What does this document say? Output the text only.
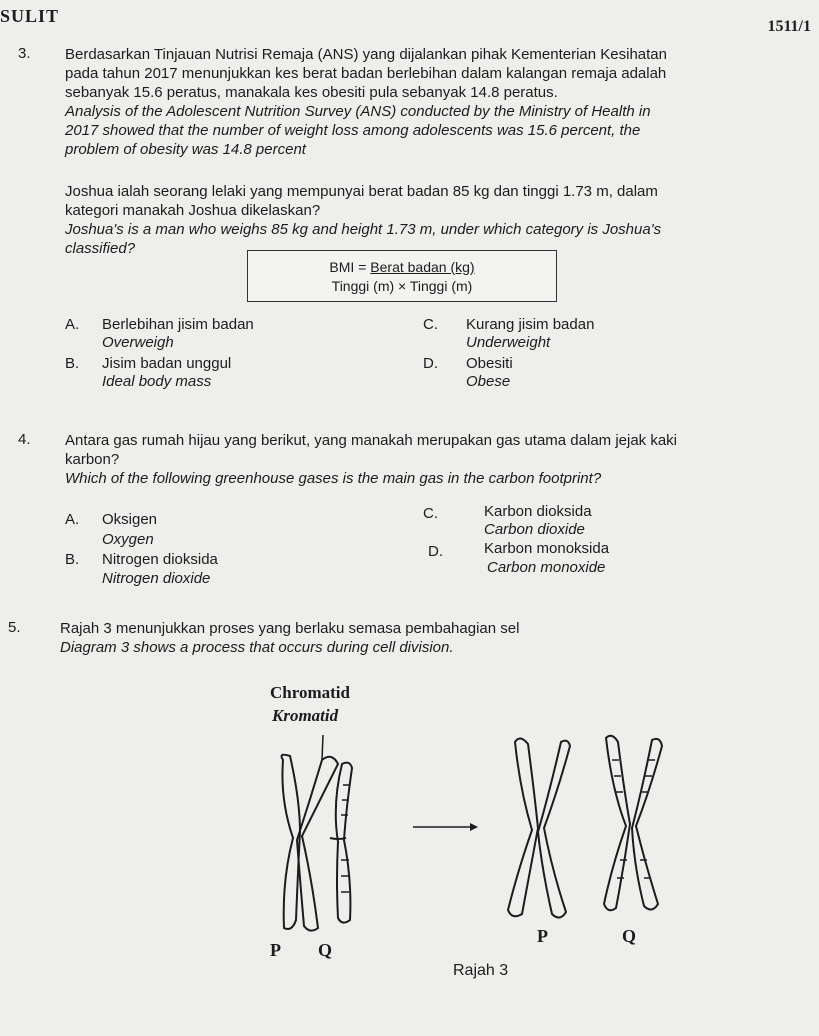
SULIT
1511/1
3. Berdasarkan Tinjauan Nutrisi Remaja (ANS) yang dijalankan pihak Kementerian Kesihatan
pada tahun 2017 menunjukkan kes berat badan berlebihan dalam kalangan remaja adalah
sebanyak 15.6 peratus, manakala kes obesiti pula sebanyak 14.8 peratus.
Analysis of the Adolescent Nutrition Survey (ANS) conducted by the Ministry of Health in
2017 showed that the number of weight loss among adolescents was 15.6 percent, the
problem of obesity was 14.8 percent
Joshua ialah seorang lelaki yang mempunyai berat badan 85 kg dan tinggi 1.73 m, dalam
kategori manakah Joshua dikelaskan?
Joshua's is a man who weighs 85 kg and height 1.73 m, under which category is Joshua's
classified?
BMI = Berat badan (kg)
Tinggi (m) × Tinggi (m)
A. Berlebihan jisim badan
Overweigh
B. Jisim badan unggul
Ideal body mass
C. Kurang jisim badan
Underweight
D. Obesiti
Obese
4. Antara gas rumah hijau yang berikut, yang manakah merupakan gas utama dalam jejak kaki
karbon?
Which of the following greenhouse gases is the main gas in the carbon footprint?
A. Oksigen
Oxygen
B. Nitrogen dioksida
Nitrogen dioxide
C.	Karbon dioksida
Carbon dioxide
D.	Karbon monoksida
Carbon monoxide
5.	Rajah 3 menunjukkan proses yang berlaku semasa pembahagian sel
Diagram 3 shows a process that occurs during cell division.
Chromatid
Kromatid
P Q
P	Q
Rajah 3
